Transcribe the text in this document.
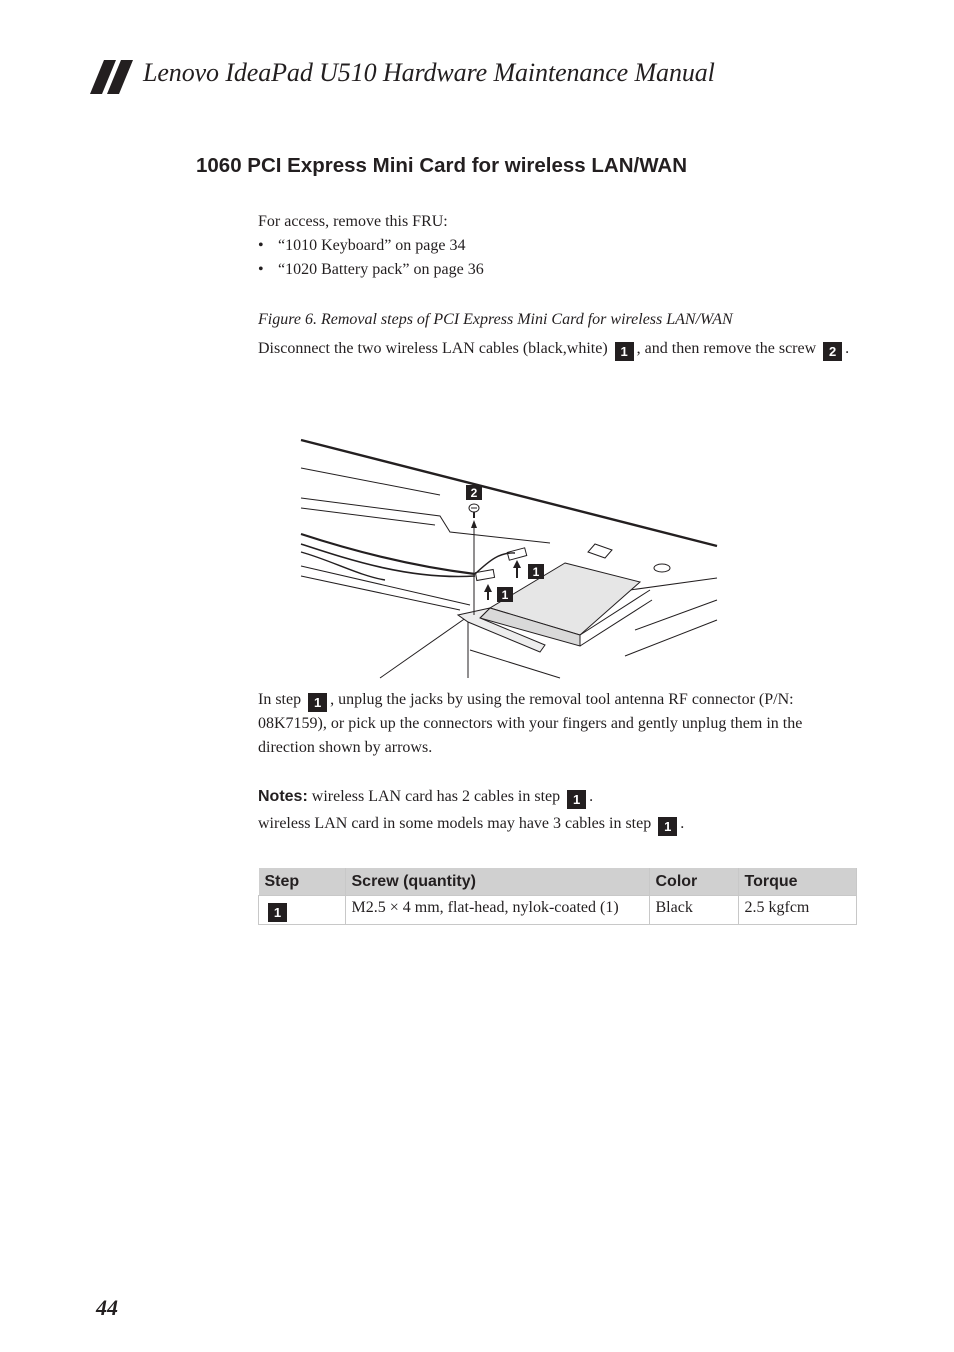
Lenovo IdeaPad U510 Hardware Maintenance Manual
1060 PCI Express Mini Card for wireless LAN/WAN
For access, remove this FRU:
• “1010 Keyboard” on page 34
• “1020 Battery pack” on page 36
Figure 6. Removal steps of PCI Express Mini Card for wireless LAN/WAN
Disconnect the two wireless LAN cables (black,white) 1 , and then remove the screw 2 .
2
1
1
In step 1 , unplug the jacks by using the removal tool antenna RF connector (P/N: 08K7159), or pick up the connectors with your fingers and gently unplug them in the direction shown by arrows.
Notes: wireless LAN card has 2 cables in step 1 .
wireless LAN card in some models may have 3 cables in step 1 .
Step	Screw (quantity)	Color	Torque
1	M2.5 × 4 mm, flat-head, nylok-coated (1)	Black	2.5 kgfcm
44
